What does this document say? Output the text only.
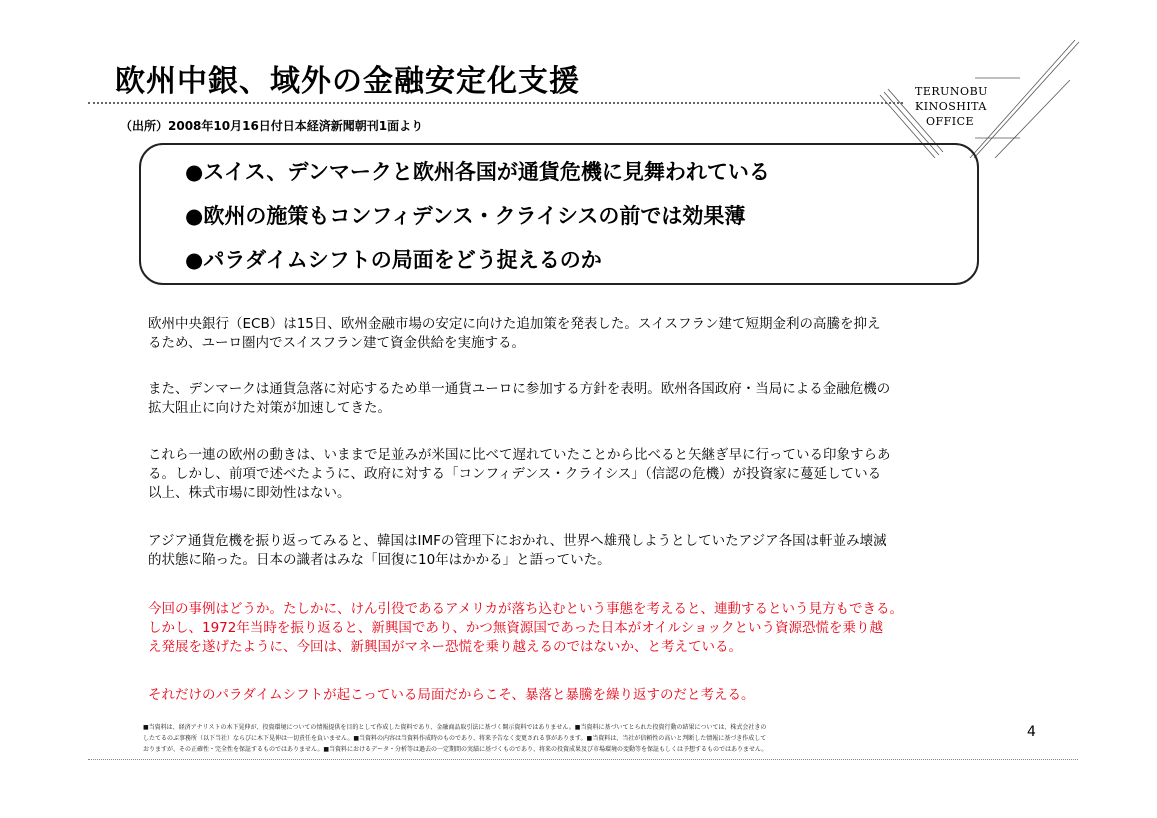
欧州中銀、域外の金融安定化支援
（出所）2008年10月16日付日本経済新聞朝刊1面より
TERUNOBU
KINOSHITA
OFFICE
●スイス、デンマークと欧州各国が通貨危機に見舞われている
●欧州の施策もコンフィデンス・クライシスの前では効果薄
●パラダイムシフトの局面をどう捉えるのか
欧州中央銀行（ECB）は15日、欧州金融市場の安定に向けた追加策を発表した。スイスフラン建て短期金利の高騰を抑え
るため、ユーロ圏内でスイスフラン建て資金供給を実施する。
また、デンマークは通貨急落に対応するため単一通貨ユーロに参加する方針を表明。欧州各国政府・当局による金融危機の
拡大阻止に向けた対策が加速してきた。
これら一連の欧州の動きは、いままで足並みが米国に比べて遅れていたことから比べると矢継ぎ早に行っている印象すらあ
る。しかし、前項で述べたように、政府に対する「コンフィデンス・クライシス」（信認の危機）が投資家に蔓延している
以上、株式市場に即効性はない。
アジア通貨危機を振り返ってみると、韓国はIMFの管理下におかれ、世界へ雄飛しようとしていたアジア各国は軒並み壊滅
的状態に陥った。日本の識者はみな「回復に10年はかかる」と語っていた。
今回の事例はどうか。たしかに、けん引役であるアメリカが落ち込むという事態を考えると、連動するという見方もできる。
しかし、1972年当時を振り返ると、新興国であり、かつ無資源国であった日本がオイルショックという資源恐慌を乗り越
え発展を遂げたように、今回は、新興国がマネー恐慌を乗り越えるのではないか、と考えている。
それだけのパラダイムシフトが起こっている局面だからこそ、暴落と暴騰を繰り返すのだと考える。
■当資料は、経済アナリストの木下晃伸が、投資環境についての情報提供を目的として作成した資料であり、金融商品取引法に基づく開示資料ではありません。■当資料に基づいてとられた投資行動の結果については、株式会社きの
したてるのぶ事務所（以下当社）ならびに木下晃伸は一切責任を負いません。■当資料の内容は当資料作成時のものであり、将来予告なく変更される事があります。■当資料は、当社が信頼性の高いと判断した情報に基づき作成して
おりますが、その正確性・完全性を保証するものではありません。■当資料におけるデータ・分析等は過去の一定期間の実績に基づくものであり、将来の投資成果及び市場環境の変動等を保証もしくは予想するものではありません。
4
